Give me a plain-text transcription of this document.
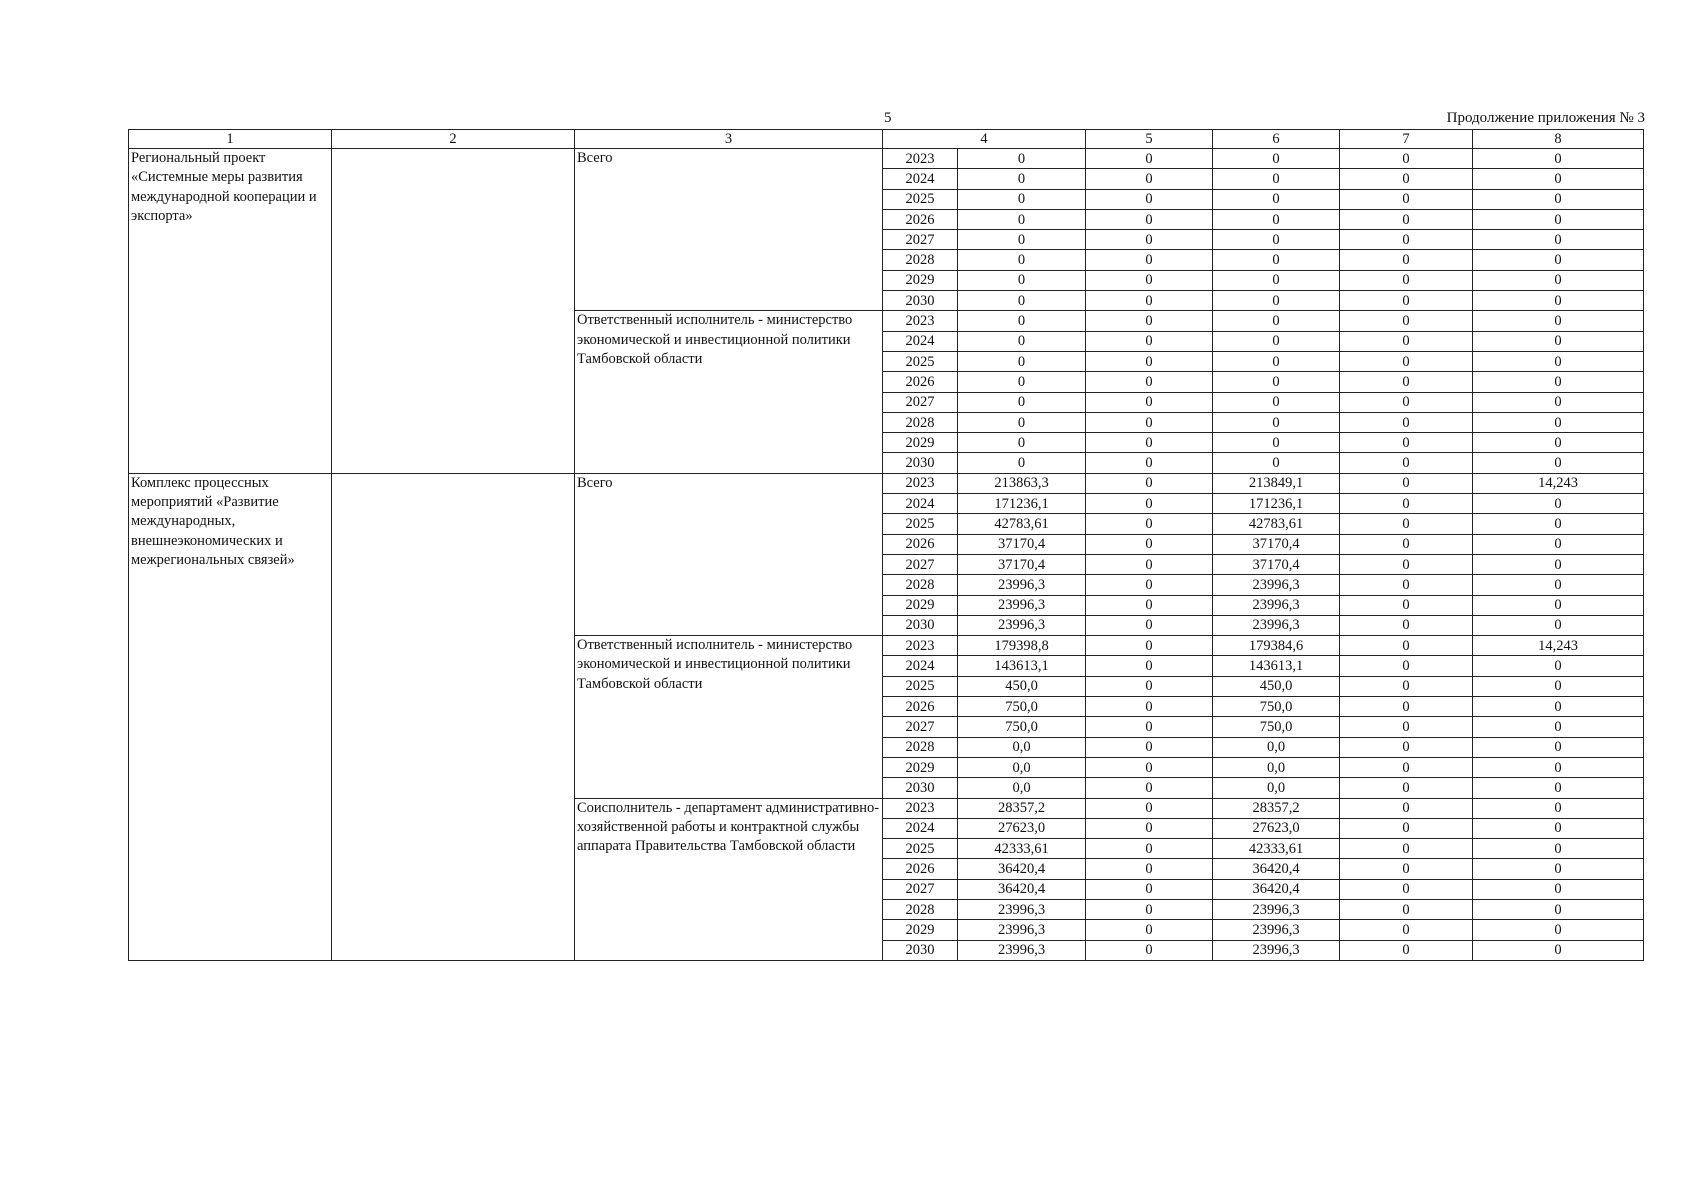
5	Продолжение приложения № 3
1	2	3	4		5	6	7	8
Региональный проект «Системные меры развития международной кооперации и экспорта»		Всего	2023	0	0	0	0	0
			2024	0	0	0	0	0
			2025	0	0	0	0	0
			2026	0	0	0	0	0
			2027	0	0	0	0	0
			2028	0	0	0	0	0
			2029	0	0	0	0	0
			2030	0	0	0	0	0
		Ответственный исполнитель - министерство экономической и инвестиционной политики Тамбовской области	2023	0	0	0	0	0
			2024	0	0	0	0	0
			2025	0	0	0	0	0
			2026	0	0	0	0	0
			2027	0	0	0	0	0
			2028	0	0	0	0	0
			2029	0	0	0	0	0
			2030	0	0	0	0	0
Комплекс процессных мероприятий «Развитие международных, внешнеэкономических и межрегиональных связей»		Всего	2023	213863,3	0	213849,1	0	14,243
			2024	171236,1	0	171236,1	0	0
			2025	42783,61	0	42783,61	0	0
			2026	37170,4	0	37170,4	0	0
			2027	37170,4	0	37170,4	0	0
			2028	23996,3	0	23996,3	0	0
			2029	23996,3	0	23996,3	0	0
			2030	23996,3	0	23996,3	0	0
		Ответственный исполнитель - министерство экономической и инвестиционной политики Тамбовской области	2023	179398,8	0	179384,6	0	14,243
			2024	143613,1	0	143613,1	0	0
			2025	450,0	0	450,0	0	0
			2026	750,0	0	750,0	0	0
			2027	750,0	0	750,0	0	0
			2028	0,0	0	0,0	0	0
			2029	0,0	0	0,0	0	0
			2030	0,0	0	0,0	0	0
		Соисполнитель - департамент административно-хозяйственной работы и контрактной службы аппарата Правительства Тамбовской области	2023	28357,2	0	28357,2	0	0
			2024	27623,0	0	27623,0	0	0
			2025	42333,61	0	42333,61	0	0
			2026	36420,4	0	36420,4	0	0
			2027	36420,4	0	36420,4	0	0
			2028	23996,3	0	23996,3	0	0
			2029	23996,3	0	23996,3	0	0
			2030	23996,3	0	23996,3	0	0
